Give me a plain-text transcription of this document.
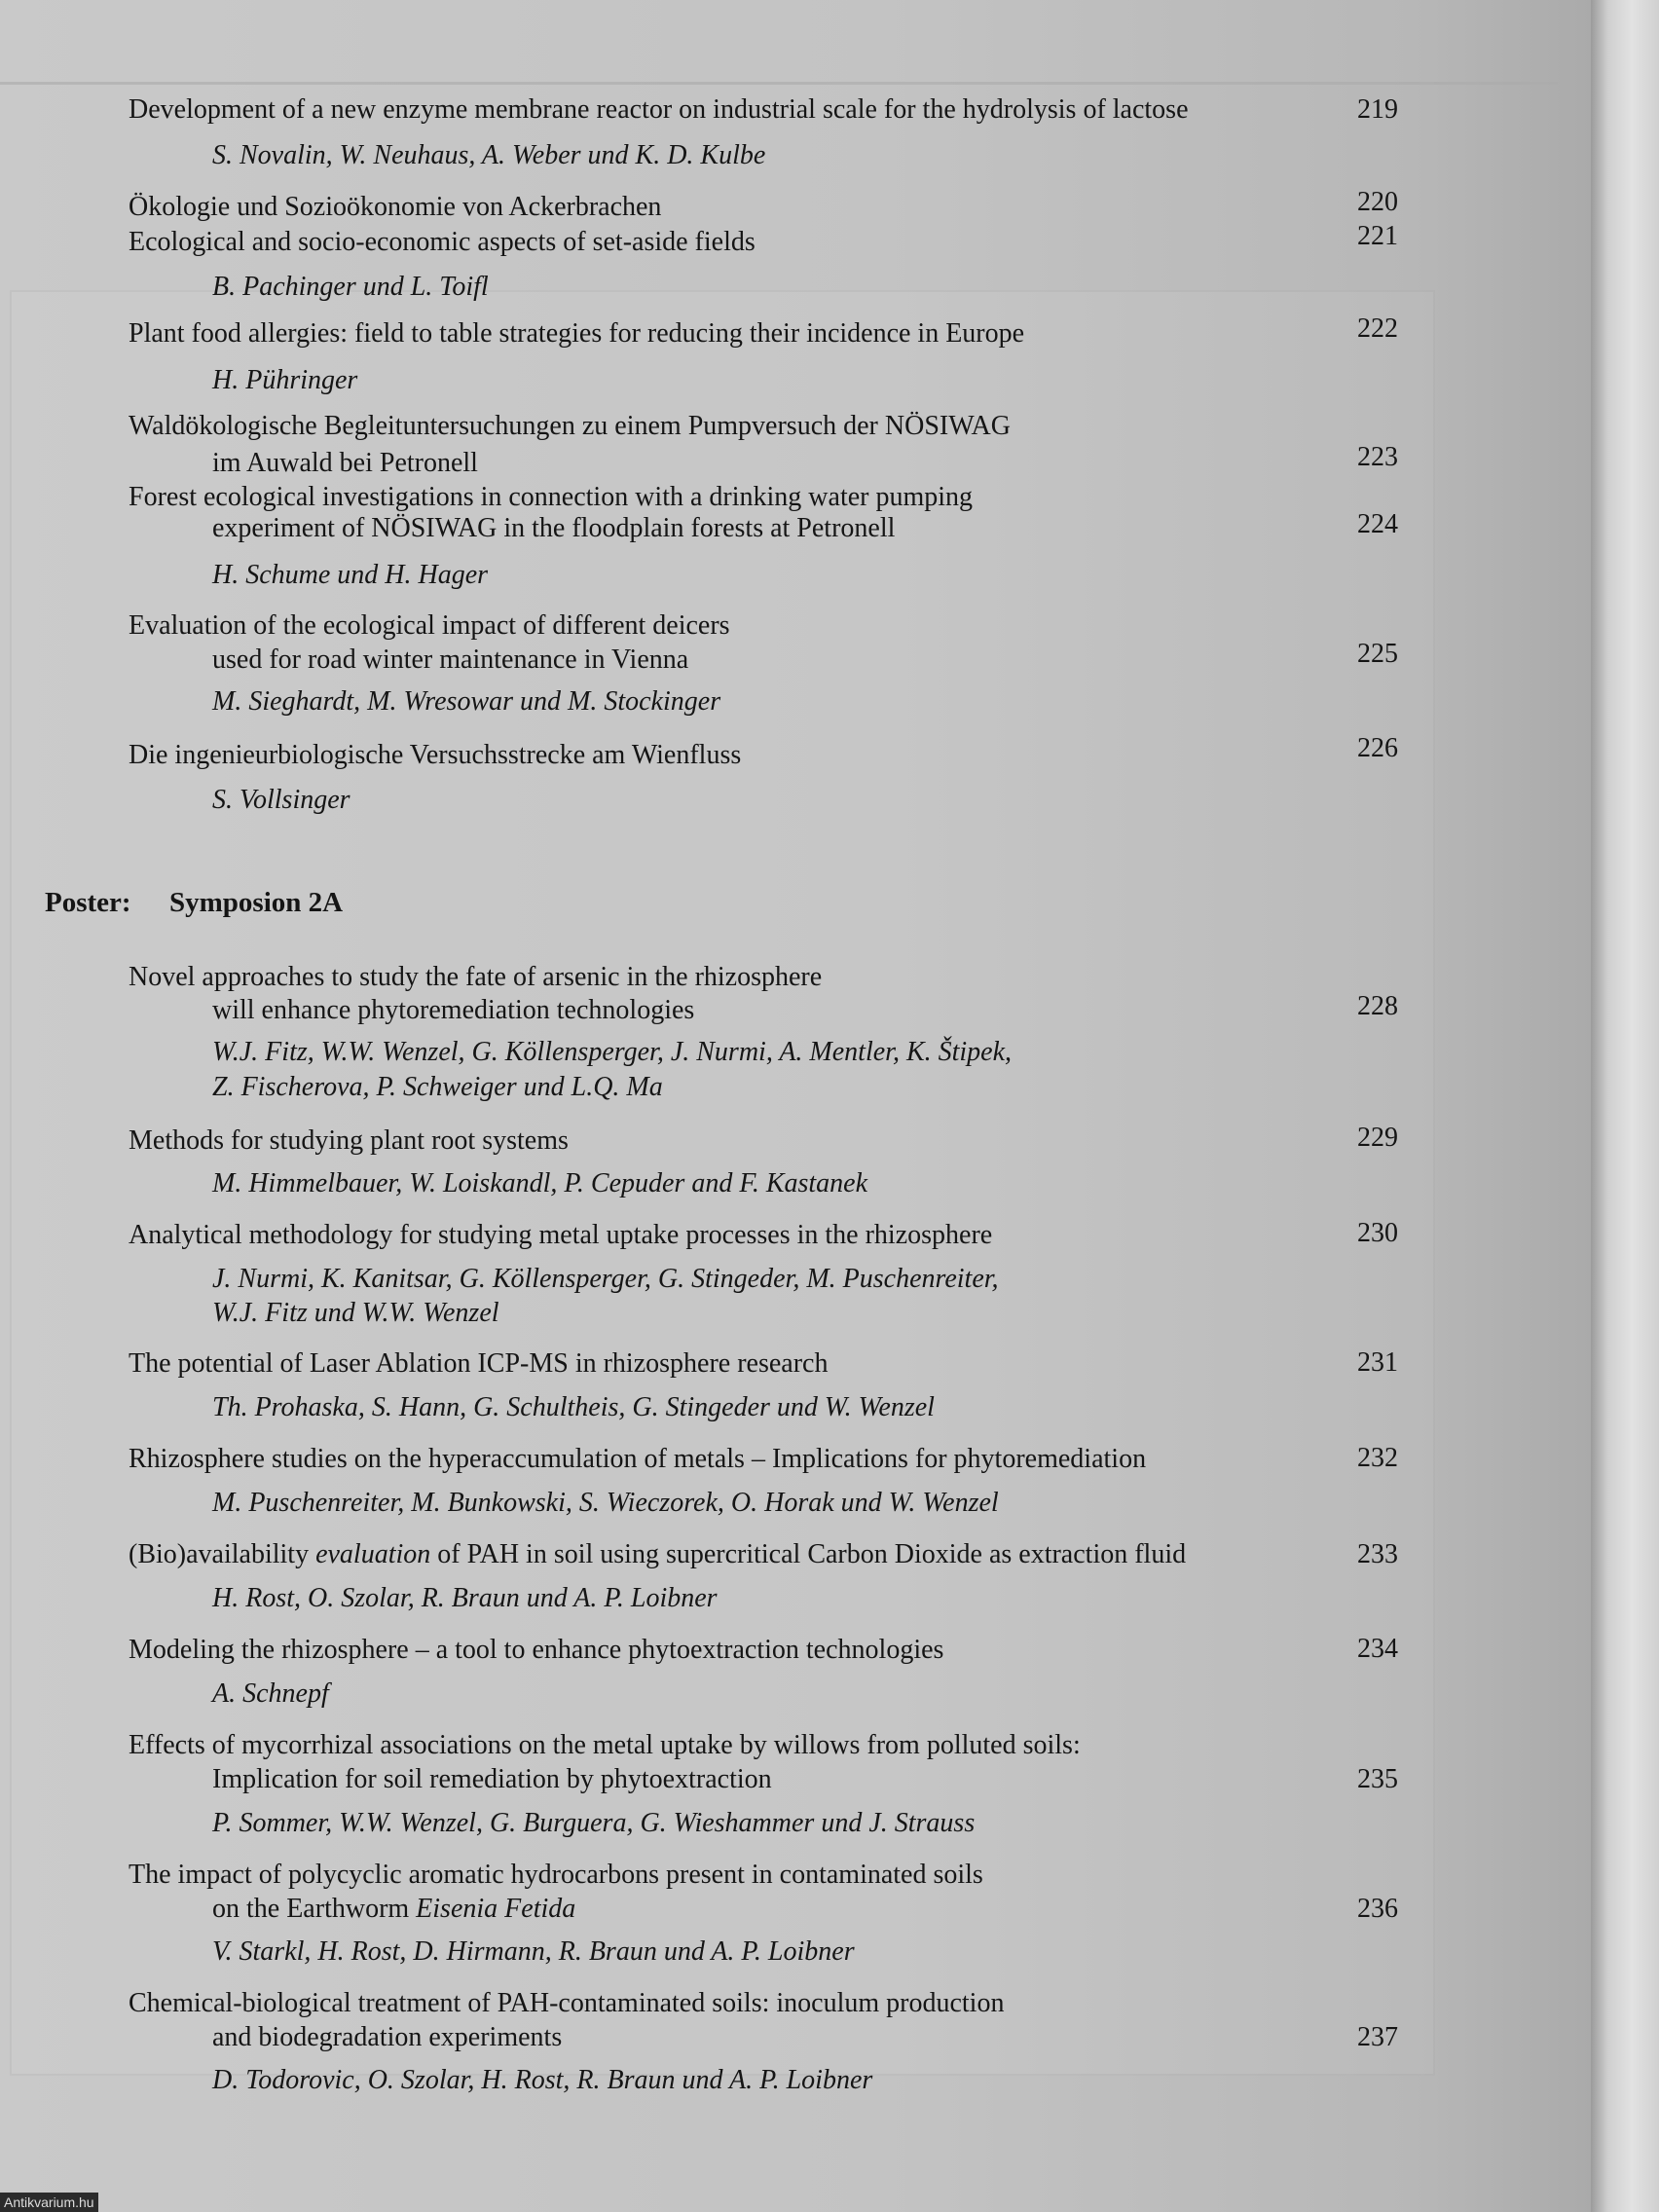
Development of a new enzyme membrane reactor on industrial scale for the hydrolysis of lactose	219
S. Novalin, W. Neuhaus, A. Weber und K. D. Kulbe
Ökologie und Sozioökonomie von Ackerbrachen	220
Ecological and socio-economic aspects of set-aside fields	221
B. Pachinger und L. Toifl
Plant food allergies: field to table strategies for reducing their incidence in Europe	222
H. Pühringer
Waldökologische Begleituntersuchungen zu einem Pumpversuch der NÖSIWAG
im Auwald bei Petronell	223
Forest ecological investigations in connection with a drinking water pumping
experiment of NÖSIWAG in the floodplain forests at Petronell	224
H. Schume und H. Hager
Evaluation of the ecological impact of different deicers
used for road winter maintenance in Vienna	225
M. Sieghardt, M. Wresowar und M. Stockinger
Die ingenieurbiologische Versuchsstrecke am Wienfluss	226
S. Vollsinger
Poster: Symposion 2A
Novel approaches to study the fate of arsenic in the rhizosphere
will enhance phytoremediation technologies	228
W.J. Fitz, W.W. Wenzel, G. Köllensperger, J. Nurmi, A. Mentler, K. Štipek,
Z. Fischerova, P. Schweiger und L.Q. Ma
Methods for studying plant root systems	229
M. Himmelbauer, W. Loiskandl, P. Cepuder and F. Kastanek
Analytical methodology for studying metal uptake processes in the rhizosphere	230
J. Nurmi, K. Kanitsar, G. Köllensperger, G. Stingeder, M. Puschenreiter,
W.J. Fitz und W.W. Wenzel
The potential of Laser Ablation ICP-MS in rhizosphere research	231
Th. Prohaska, S. Hann, G. Schultheis, G. Stingeder und W. Wenzel
Rhizosphere studies on the hyperaccumulation of metals – Implications for phytoremediation	232
M. Puschenreiter, M. Bunkowski, S. Wieczorek, O. Horak und W. Wenzel
(Bio)availability evaluation of PAH in soil using supercritical Carbon Dioxide as extraction fluid	233
H. Rost, O. Szolar, R. Braun und A. P. Loibner
Modeling the rhizosphere – a tool to enhance phytoextraction technologies	234
A. Schnepf
Effects of mycorrhizal associations on the metal uptake by willows from polluted soils:
Implication for soil remediation by phytoextraction	235
P. Sommer, W.W. Wenzel, G. Burguera, G. Wieshammer und J. Strauss
The impact of polycyclic aromatic hydrocarbons present in contaminated soils
on the Earthworm Eisenia Fetida	236
V. Starkl, H. Rost, D. Hirmann, R. Braun und A. P. Loibner
Chemical-biological treatment of PAH-contaminated soils: inoculum production
and biodegradation experiments	237
D. Todorovic, O. Szolar, H. Rost, R. Braun und A. P. Loibner
Antikvarium.hu
